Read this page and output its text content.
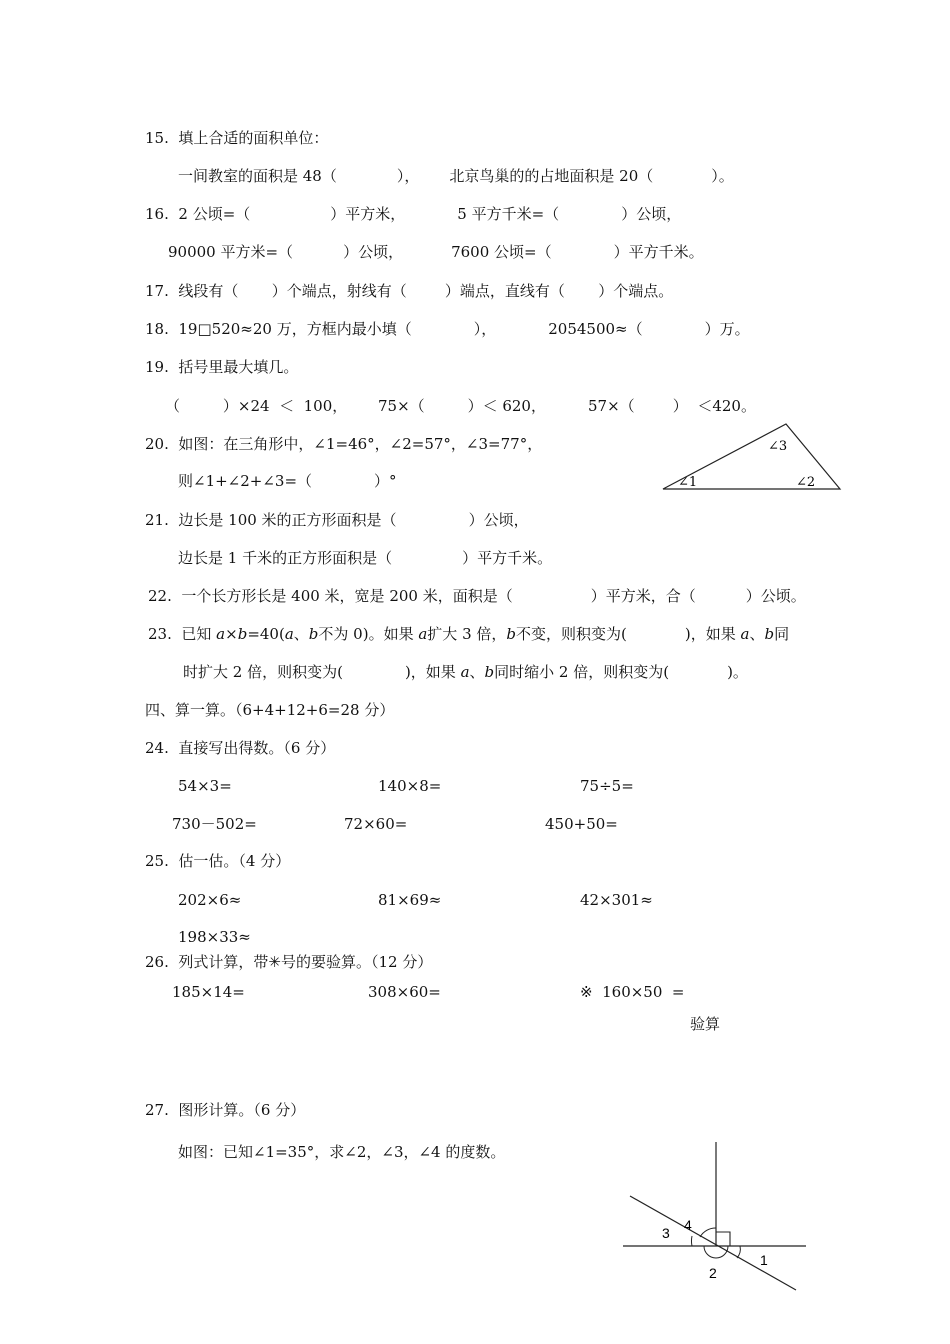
15.  填上合适的面积单位：
一间教室的面积是 48（	）， 北京鸟巢的的占地面积是 20（	）。
16.  2 公顷=（	）平方米，	5 平方千米=（	）公顷，
90000 平方米=（	）公顷，	7600 公顷=（	）平方千米。
17.  线段有（       ）个端点，射线有（        ）端点，直线有（       ）个端点。
18.  19□520≈20 万，方框内最小填（	），	2054500≈（	）万。
19.  括号里最大填几。
（         ）×24  ＜  100， 75×（         ）＜ 620，	57×（        ）  ＜420。
20.  如图：在三角形中，∠1=46°，∠2=57°，∠3=77°，
则∠1+∠2+∠3=（	）°	∠1	∠2
∠3
21.  边长是 100 米的正方形面积是（	）公顷，
边长是 1 千米的正方形面积是（	）平方千米。
22.  一个长方形长是 400 米，宽是 200 米，面积是（	）平方米，合（	）公顷。
23.  已知 a×b=40(a、b不为 0)。如果 a扩大 3 倍，b不变，则积变为(	)，如果 a、b同
时扩大 2 倍，则积变为(	)，如果 a、b同时缩小 2 倍，则积变为(	)。
四、算一算。（6+4+12+6=28 分）
24.  直接写出得数。（6 分）
54×3=	140×8=	75÷5=
730－502=	72×60=	450+50=
25.  估一估。（4 分）
202×6≈	81×69≈	42×301≈
198×33≈
26.  列式计算，带✳号的要验算。（12 分）
185×14=	308×60=	※  160×50  =
验算
27.  图形计算。（6 分）
如图：已知∠1=35°，求∠2，∠3，∠4 的度数。
4
3
2
1
